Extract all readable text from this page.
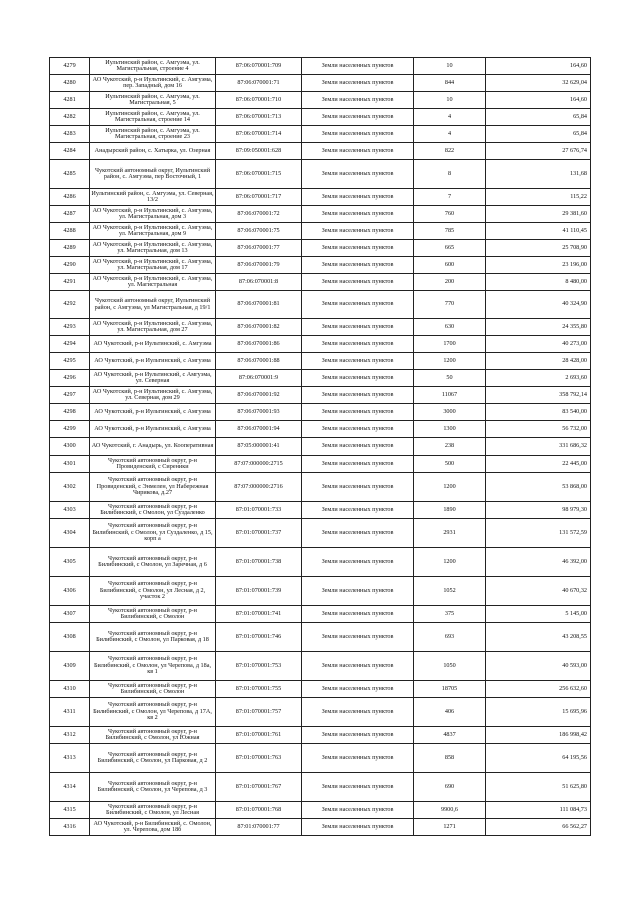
4279	Иультинский район, с. Амгуэма, ул. Магистральная, строение 4	87:06:070001:709	Земли населенных пунктов	10	164,60
4280	АО Чукотский, р-н Иультинский, с. Амгуэма, пер. Западный, дом 16	87:06:070001:71	Земли населенных пунктов	844	32 629,04
4281	Иультинский район, с. Амгуэма, ул. Магистральная, 5	87:06:070001:710	Земли населенных пунктов	10	164,60
4282	Иультинский район, с. Амгуэма, ул. Магистральная, строение 14	87:06:070001:713	Земли населенных пунктов	4	65,84
4283	Иультинский район, с. Амгуэма, ул. Магистральная, строение 23	87:06:070001:714	Земли населенных пунктов	4	65,84
4284	Анадырский район, с. Хатырка, ул. Озерная	87:09:050001:628	Земли населенных пунктов	822	27 676,74
4285	Чукотский автономный округ, Иультинский район, с. Амгуэма, пер Восточный, 1	87:06:070001:715	Земли населенных пунктов	8	131,68
4286	Иультинский район, с. Амгуэма, ул. Северная, 13/2	87:06:070001:717	Земли населенных пунктов	7	115,22
4287	АО Чукотский, р-н Иультинский, с. Амгуэма, ул. Магистральная, дом 3	87:06:070001:72	Земли населенных пунктов	760	29 381,60
4288	АО Чукотский, р-н Иультинский, с. Амгуэма, ул. Магистральная, дом 9	87:06:070001:75	Земли населенных пунктов	785	41 110,45
4289	АО Чукотский, р-н Иультинский, с. Амгуэма, ул. Магистральная, дом 13	87:06:070001:77	Земли населенных пунктов	665	25 708,90
4290	АО Чукотский, р-н Иультинский, с. Амгуэма, ул. Магистральная, дом 17	87:06:070001:79	Земли населенных пунктов	600	23 196,00
4291	АО Чукотский, р-н Иультинский, с. Амгуэма, ул. Магистральная	87:06:070001:8	Земли населенных пунктов	200	8 480,00
4292	Чукотский автономный округ, Иультинский район, с Амгуэма, ул Магистральная, д 19/1	87:06:070001:81	Земли населенных пунктов	770	40 324,90
4293	АО Чукотский, р-н Иультинский, с. Амгуэма, ул. Магистральная, дом 27	87:06:070001:82	Земли населенных пунктов	630	24 355,80
4294	АО Чукотский, р-н Иультинский, с. Амгуэма	87:06:070001:86	Земли населенных пунктов	1700	40 273,00
4295	АО Чукотский, р-н Иультинский, с Амгуэма	87:06:070001:88	Земли населенных пунктов	1200	28 428,00
4296	АО Чукотский, р-н Иультинский, с Амгуэма, ул. Северная	87:06:070001:9	Земли населенных пунктов	50	2 693,60
4297	АО Чукотский, р-н Иультинский, с. Амгуэма, ул. Северная, дом 29	87:06:070001:92	Земли населенных пунктов	11067	358 792,14
4298	АО Чукотский, р-н Иультинский, с Амгуэма	87:06:070001:93	Земли населенных пунктов	3000	83 540,00
4299	АО Чукотский, р-н Иультинский, с Амгуэма	87:06:070001:94	Земли населенных пунктов	1300	56 732,00
4300	АО Чукотский, г. Анадырь, ул. Кооперативная	87:05:000001:41	Земли населенных пунктов	238	331 686,32
4301	Чукотский автономный округ, р-н Провиденский, с Сиреники	87:07:000000:2715	Земли населенных пунктов	500	22 445,00
4302	Чукотский автономный округ, р-н Провиденский, с Энмелен, ул Набережная Чирикова, д.27	87:07:000000:2716	Земли населенных пунктов	1200	53 868,00
4303	Чукотский автономный округ, р-н Билибинский, с Омолон, ул Суздаленко	87:01:070001:733	Земли населенных пунктов	1890	98 979,30
4304	Чукотский автономный округ, р-н Билибинский, с Омолон, ул Суздаленко, д 15, корп а	87:01:070001:737	Земли населенных пунктов	2931	131 572,59
4305	Чукотский автономный округ, р-н Билибинский, с Омолон, ул Заречная, д 6	87:01:070001:738	Земли населенных пунктов	1200	46 392,00
4306	Чукотский автономный округ, р-н Билибинский, с Омолон, ул Лесная, д 2, участок 2	87:01:070001:739	Земли населенных пунктов	1052	40 670,32
4307	Чукотский автономный округ, р-н Билибинский, с Омолон	87:01:070001:741	Земли населенных пунктов	375	5 145,00
4308	Чукотский автономный округ, р-н Билибинский, с Омолон, ул Парковая, д 18	87:01:070001:746	Земли населенных пунктов	693	43 208,55
4309	Чукотский автономный округ, р-н Билибинский, с Омолон, ул Черепова, д 18а, кв 1	87:01:070001:753	Земли населенных пунктов	1050	40 593,00
4310	Чукотский автономный округ, р-н Билибинский, с Омолон	87:01:070001:755	Земли населенных пунктов	18705	256 632,60
4311	Чукотский автономный округ, р-н Билибинский, с Омолон, ул Черепова, д 17А, кв 2	87:01:070001:757	Земли населенных пунктов	406	15 695,96
4312	Чукотский автономный округ, р-н Билибинский, с Омолон, ул Южная	87:01:070001:761	Земли населенных пунктов	4837	186 998,42
4313	Чукотский автономный округ, р-н Билибинский, с Омолон, ул Парковая, д 2	87:01:070001:763	Земли населенных пунктов	858	64 195,56
4314	Чукотский автономный округ, р-н Билибинский, с Омолон, ул Черепова, д 3	87:01:070001:767	Земли населенных пунктов	690	51 625,80
4315	Чукотский автономный округ, р-н Билибинский, с Омолон, ул Лесная	87:01:070001:768	Земли населенных пунктов	9900,6	111 084,73
4316	АО Чукотский, р-н Билибинский, с. Омолон, ул. Черепова, дом 18б	87:01:070001:77	Земли населенных пунктов	1271	66 562,27
